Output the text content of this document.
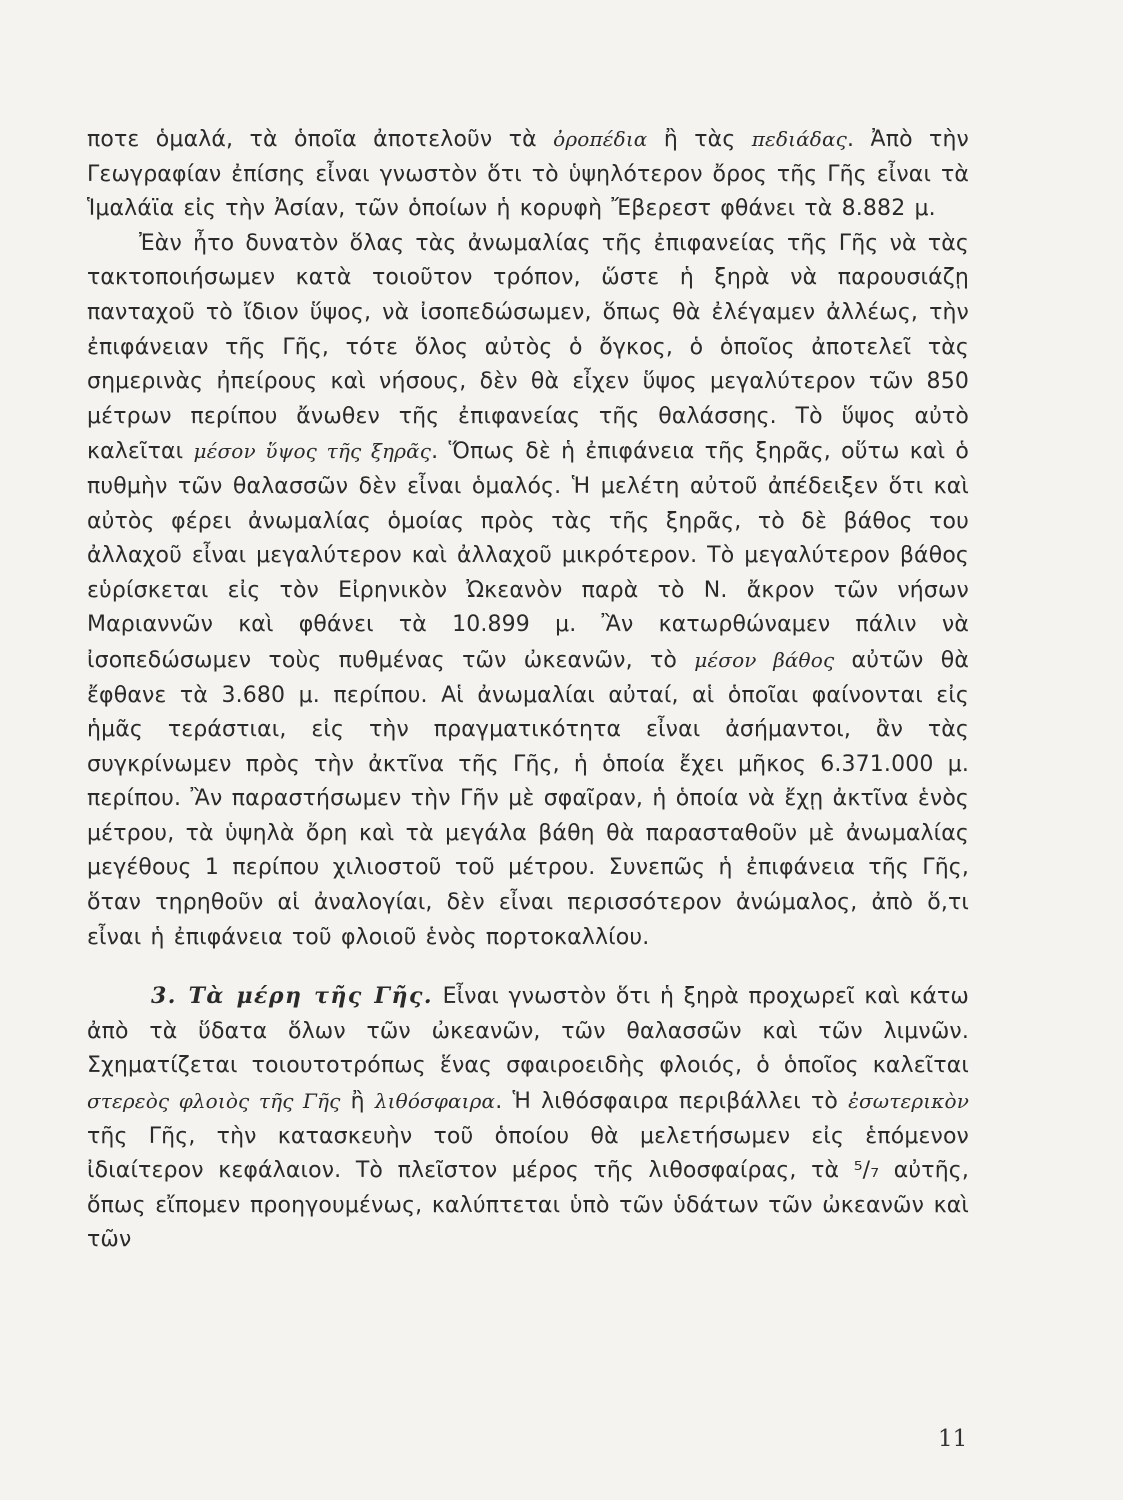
ποτε ὁμαλά, τὰ ὁποῖα ἀποτελοῦν τὰ ὀροπέδια ἢ τὰς πεδιάδας. Ἀπὸ τὴν Γεωγραφίαν ἐπίσης εἶναι γνωστὸν ὅτι τὸ ὑψηλότερον ὄρος τῆς Γῆς εἶναι τὰ Ἱμαλάϊα εἰς τὴν Ἀσίαν, τῶν ὁποίων ἡ κορυφὴ Ἔβερεστ φθάνει τὰ 8.882 μ.

Ἐὰν ἦτο δυνατὸν ὅλας τὰς ἀνωμαλίας τῆς ἐπιφανείας τῆς Γῆς νὰ τὰς τακτοποιήσωμεν κατὰ τοιοῦτον τρόπον, ὥστε ἡ ξηρὰ νὰ παρουσιάζῃ πανταχοῦ τὸ ἴδιον ὕψος, νὰ ἰσοπεδώσωμεν, ὅπως θὰ ἐλέγαμεν ἀλλέως, τὴν ἐπιφάνειαν τῆς Γῆς, τότε ὅλος αὐτὸς ὁ ὄγκος, ὁ ὁποῖος ἀποτελεῖ τὰς σημερινὰς ἠπείρους καὶ νήσους, δὲν θὰ εἶχεν ὕψος μεγαλύτερον τῶν 850 μέτρων περίπου ἄνωθεν τῆς ἐπιφανείας τῆς θαλάσσης. Τὸ ὕψος αὐτὸ καλεῖται μέσον ὕψος τῆς ξηρᾶς. Ὅπως δὲ ἡ ἐπιφάνεια τῆς ξηρᾶς, οὕτω καὶ ὁ πυθμὴν τῶν θαλασσῶν δὲν εἶναι ὁμαλός. Ἡ μελέτη αὐτοῦ ἀπέδειξεν ὅτι καὶ αὐτὸς φέρει ἀνωμαλίας ὁμοίας πρὸς τὰς τῆς ξηρᾶς, τὸ δὲ βάθος του ἀλλαχοῦ εἶναι μεγαλύτερον καὶ ἀλλαχοῦ μικρότερον. Τὸ μεγαλύτερον βάθος εὑρίσκεται εἰς τὸν Εἰρηνικὸν Ὠκεανὸν παρὰ τὸ Ν. ἄκρον τῶν νήσων Μαριαννῶν καὶ φθάνει τὰ 10.899 μ. Ἂν κατωρθώναμεν πάλιν νὰ ἰσοπεδώσωμεν τοὺς πυθμένας τῶν ὠκεανῶν, τὸ μέσον βάθος αὐτῶν θὰ ἔφθανε τὰ 3.680 μ. περίπου. Αἱ ἀνωμαλίαι αὐταί, αἱ ὁποῖαι φαίνονται εἰς ἡμᾶς τεράστιαι, εἰς τὴν πραγματικότητα εἶναι ἀσήμαντοι, ἂν τὰς συγκρίνωμεν πρὸς τὴν ἀκτῖνα τῆς Γῆς, ἡ ὁποία ἔχει μῆκος 6.371.000 μ. περίπου. Ἂν παραστήσωμεν τὴν Γῆν μὲ σφαῖραν, ἡ ὁποία νὰ ἔχῃ ἀκτῖνα ἑνὸς μέτρου, τὰ ὑψηλὰ ὄρη καὶ τὰ μεγάλα βάθη θὰ παρασταθοῦν μὲ ἀνωμαλίας μεγέθους 1 περίπου χιλιοστοῦ τοῦ μέτρου. Συνεπῶς ἡ ἐπιφάνεια τῆς Γῆς, ὅταν τηρηθοῦν αἱ ἀναλογίαι, δὲν εἶναι περισσότερον ἀνώμαλος, ἀπὸ ὅ,τι εἶναι ἡ ἐπιφάνεια τοῦ φλοιοῦ ἑνὸς πορτοκαλλίου.

3. Τὰ μέρη τῆς Γῆς. Εἶναι γνωστὸν ὅτι ἡ ξηρὰ προχωρεῖ καὶ κάτω ἀπὸ τὰ ὕδατα ὅλων τῶν ὠκεανῶν, τῶν θαλασσῶν καὶ τῶν λιμνῶν. Σχηματίζεται τοιουτοτρόπως ἕνας σφαιροειδὴς φλοιός, ὁ ὁποῖος καλεῖται στερεὸς φλοιὸς τῆς Γῆς ἢ λιθόσφαιρα. Ἡ λιθόσφαιρα περιβάλλει τὸ ἐσωτερικὸν τῆς Γῆς, τὴν κατασκευὴν τοῦ ὁποίου θὰ μελετήσωμεν εἰς ἑπόμενον ἰδιαίτερον κεφάλαιον. Τὸ πλεῖστον μέρος τῆς λιθοσφαίρας, τὰ ⁵/₇ αὐτῆς, ὅπως εἴπομεν προηγουμένως, καλύπτεται ὑπὸ τῶν ὑδάτων τῶν ὠκεανῶν καὶ τῶν

11
